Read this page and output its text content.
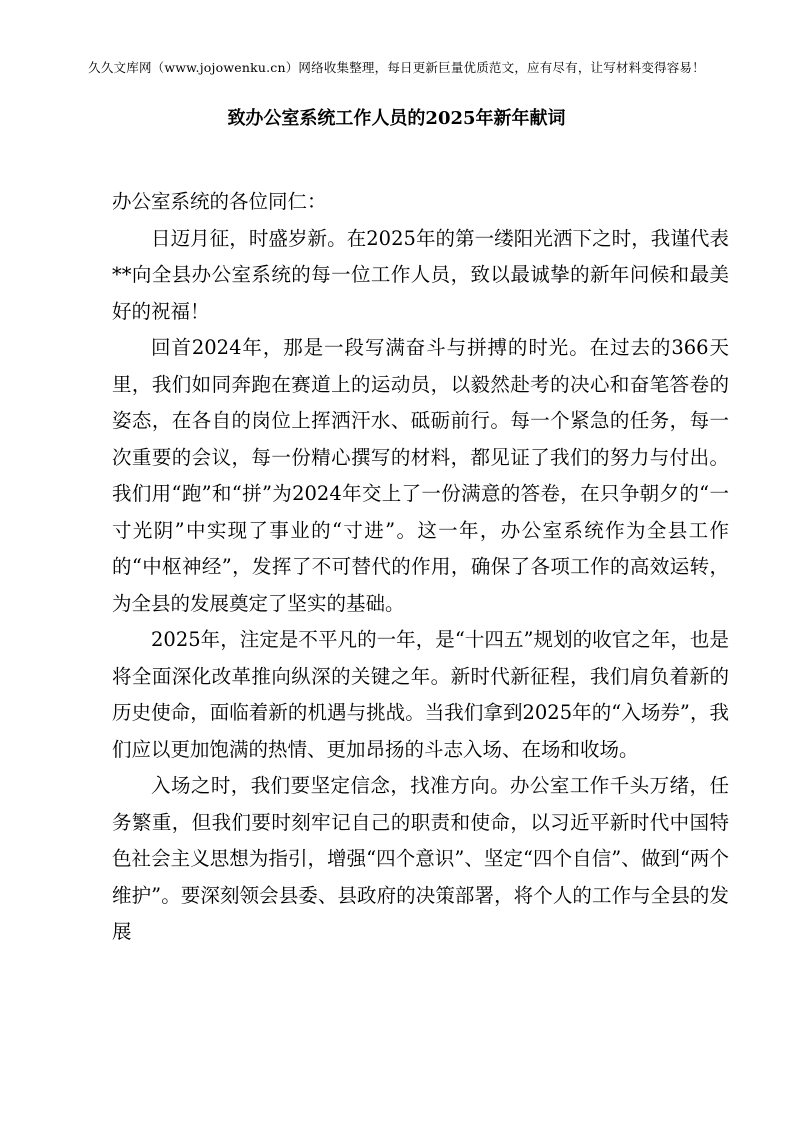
久久文库网（www.jojowenku.cn）网络收集整理，每日更新巨量优质范文，应有尽有，让写材料变得容易！
致办公室系统工作人员的2025年新年献词

办公室系统的各位同仁：

日迈月征，时盛岁新。在2025年的第一缕阳光洒下之时，我谨代表**向全县办公室系统的每一位工作人员，致以最诚挚的新年问候和最美好的祝福！

回首2024年，那是一段写满奋斗与拼搏的时光。在过去的366天里，我们如同奔跑在赛道上的运动员，以毅然赴考的决心和奋笔答卷的姿态，在各自的岗位上挥洒汗水、砥砺前行。每一个紧急的任务，每一次重要的会议，每一份精心撰写的材料，都见证了我们的努力与付出。我们用“跑”和“拼”为2024年交上了一份满意的答卷，在只争朝夕的“一寸光阴”中实现了事业的“寸进”。这一年，办公室系统作为全县工作的“中枢神经”，发挥了不可替代的作用，确保了各项工作的高效运转，为全县的发展奠定了坚实的基础。

2025年，注定是不平凡的一年，是“十四五”规划的收官之年，也是将全面深化改革推向纵深的关键之年。新时代新征程，我们肩负着新的历史使命，面临着新的机遇与挑战。当我们拿到2025年的“入场券”，我们应以更加饱满的热情、更加昂扬的斗志入场、在场和收场。

入场之时，我们要坚定信念，找准方向。办公室工作千头万绪，任务繁重，但我们要时刻牢记自己的职责和使命，以习近平新时代中国特色社会主义思想为指引，增强“四个意识”、坚定“四个自信”、做到“两个维护”。要深刻领会县委、县政府的决策部署，将个人的工作与全县的发展
